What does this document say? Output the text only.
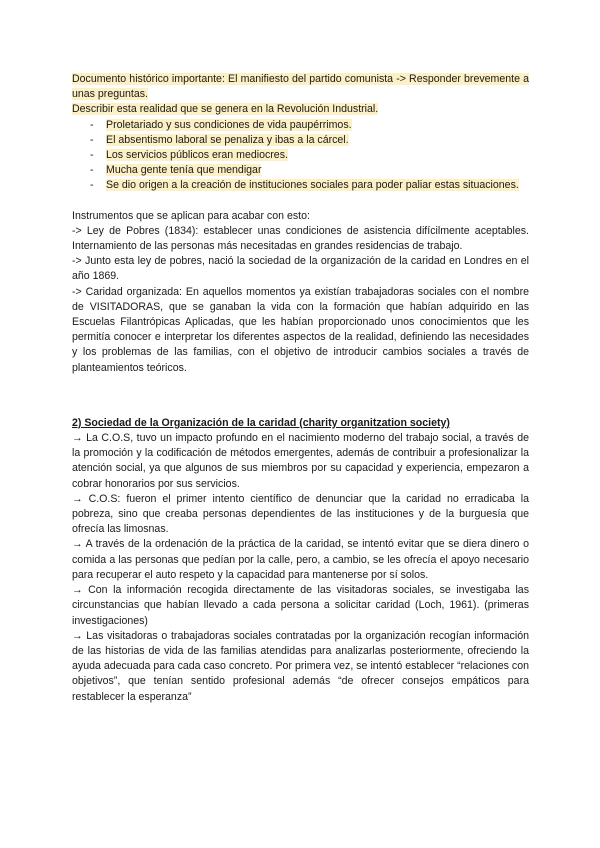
Documento histórico importante: El manifiesto del partido comunista -> Responder brevemente a unas preguntas.

Describir esta realidad que se genera en la Revolución Industrial.

- Proletariado y sus condiciones de vida paupérrimos.
- El absentismo laboral se penaliza y ibas a la cárcel.
- Los servicios públicos eran mediocres.
- Mucha gente tenía que mendigar
- Se dio origen a la creación de instituciones sociales para poder paliar estas situaciones.

Instrumentos que se aplican para acabar con esto:

-> Ley de Pobres (1834): establecer unas condiciones de asistencia difícilmente aceptables. Internamiento de las personas más necesitadas en grandes residencias de trabajo.

-> Junto esta ley de pobres, nació la sociedad de la organización de la caridad en Londres en el año 1869.

-> Caridad organizada: En aquellos momentos ya existían trabajadoras sociales con el nombre de VISITADORAS, que se ganaban la vida con la formación que habían adquirido en las Escuelas Filantrópicas Aplicadas, que les habían proporcionado unos conocimientos que les permitía conocer e interpretar los diferentes aspectos de la realidad, definiendo las necesidades y los problemas de las familias, con el objetivo de introducir cambios sociales a través de planteamientos teóricos.

2) Sociedad de la Organización de la caridad (charity organitzation society)

→ La C.O.S, tuvo un impacto profundo en el nacimiento moderno del trabajo social, a través de la promoción y la codificación de métodos emergentes, además de contribuir a profesionalizar la atención social, ya que algunos de sus miembros por su capacidad y experiencia, empezaron a cobrar honorarios por sus servicios.

→ C.O.S: fueron el primer intento científico de denunciar que la caridad no erradicaba la pobreza, sino que creaba personas dependientes de las instituciones y de la burguesía que ofrecía las limosnas.

→ A través de la ordenación de la práctica de la caridad, se intentó evitar que se diera dinero o comida a las personas que pedían por la calle, pero, a cambio, se les ofrecía el apoyo necesario para recuperar el auto respeto y la capacidad para mantenerse por sí solos.

→ Con la información recogida directamente de las visitadoras sociales, se investigaba las circunstancias que habían llevado a cada persona a solicitar caridad (Loch, 1961). (primeras investigaciones)

→ Las visitadoras o trabajadoras sociales contratadas por la organización recogían información de las historias de vida de las familias atendidas para analizarlas posteriormente, ofreciendo la ayuda adecuada para cada caso concreto. Por primera vez, se intentó establecer “relaciones con objetivos”, que tenían sentido profesional además “de ofrecer consejos empáticos para restablecer la esperanza”
